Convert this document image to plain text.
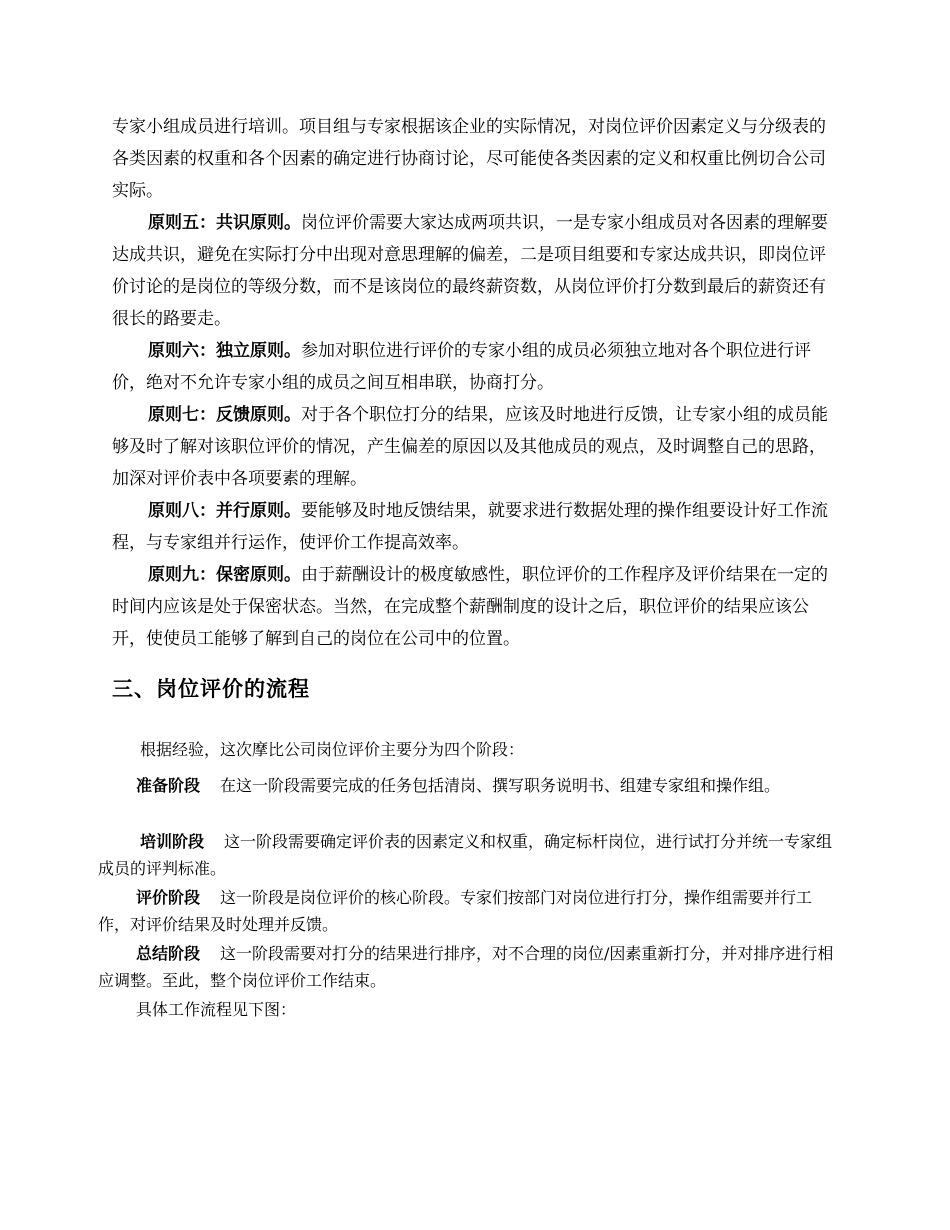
专家小组成员进行培训。项目组与专家根据该企业的实际情况，对岗位评价因素定义与分级表的各类因素的权重和各个因素的确定进行协商讨论，尽可能使各类因素的定义和权重比例切合公司实际。

原则五：共识原则。岗位评价需要大家达成两项共识，一是专家小组成员对各因素的理解要达成共识，避免在实际打分中出现对意思理解的偏差，二是项目组要和专家达成共识，即岗位评价讨论的是岗位的等级分数，而不是该岗位的最终薪资数，从岗位评价打分数到最后的薪资还有很长的路要走。

原则六：独立原则。参加对职位进行评价的专家小组的成员必须独立地对各个职位进行评价，绝对不允许专家小组的成员之间互相串联，协商打分。

原则七：反馈原则。对于各个职位打分的结果，应该及时地进行反馈，让专家小组的成员能够及时了解对该职位评价的情况，产生偏差的原因以及其他成员的观点，及时调整自己的思路，加深对评价表中各项要素的理解。

原则八：并行原则。要能够及时地反馈结果，就要求进行数据处理的操作组要设计好工作流程，与专家组并行运作，使评价工作提高效率。

原则九：保密原则。由于薪酬设计的极度敏感性，职位评价的工作程序及评价结果在一定的时间内应该是处于保密状态。当然，在完成整个薪酬制度的设计之后，职位评价的结果应该公开，使使员工能够了解到自己的岗位在公司中的位置。

三、岗位评价的流程

根据经验，这次摩比公司岗位评价主要分为四个阶段：

准备阶段 在这一阶段需要完成的任务包括清岗、撰写职务说明书、组建专家组和操作组。

培训阶段 这一阶段需要确定评价表的因素定义和权重，确定标杆岗位，进行试打分并统一专家组成员的评判标准。

评价阶段 这一阶段是岗位评价的核心阶段。专家们按部门对岗位进行打分，操作组需要并行工作，对评价结果及时处理并反馈。

总结阶段 这一阶段需要对打分的结果进行排序，对不合理的岗位/因素重新打分，并对排序进行相应调整。至此，整个岗位评价工作结束。

具体工作流程见下图：
